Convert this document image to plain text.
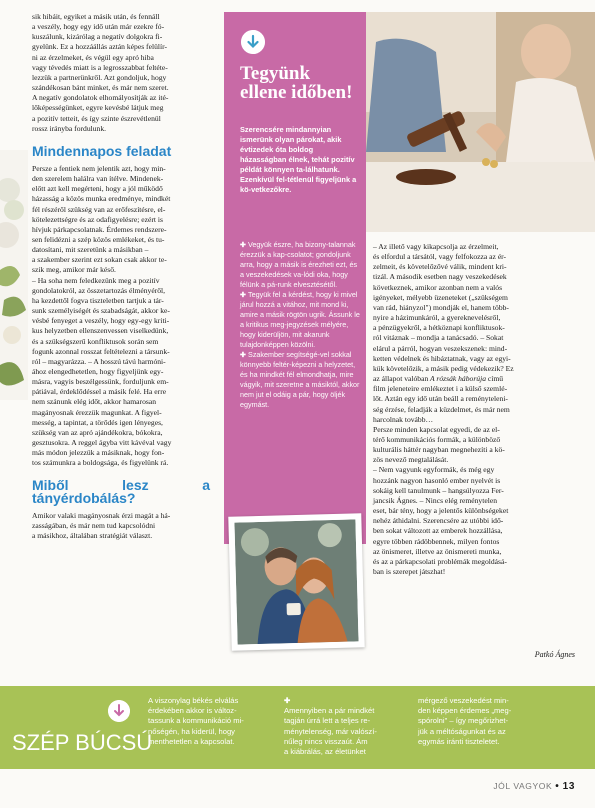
sik hibáit, egyiket a másik után, és fennáll
a veszély, hogy egy idő után már ezekre fó-
kuszálunk, kizárólag a negatív dolgokra fi-
gyelünk. Ez a hozzáállás aztán képes felülír-
ni az érzelmeket, és végül egy apró hiba
vagy tévedés miatt is a legrosszabbat feltéte-
lezzük a partnerünkről. Azt gondoljuk, hogy
szándékosan bánt minket, és már nem szeret.
A negatív gondolatok elhomályosítják az ité-
lőképességünket, egyre kevésbé látjuk meg
a pozitív tetteit, és így szinte észrevétlenül
rossz irányba fordulunk.
Mindennapos feladat
Persze a fentiek nem jelentik azt, hogy min-
den szerelem halálra van ítélve. Mindenek-
előtt azt kell megérteni, hogy a jól működő
házasság a közös munka eredménye, mindkét
fél részéről szükség van az erőfeszítésre, el-
kötelezettségre és az odafigyelésre; ezért is
hívjuk párkapcsolatnak. Érdemes rendszere-
sen felidézni a szép közös emlékeket, és tu-
datosítani, mit szeretünk a másikban –
a szakember szerint ezt sokan csak akkor te-
szik meg, amikor már késő.
– Ha soha nem feledkezünk meg a pozitív
gondolatokról, az összetartozás élményéről,
ha kezdettől fogva tiszteletben tartjuk a tár-
sunk személyiségét és szabadságát, akkor ke-
vésbé fenyeget a veszély, hogy egy-egy kriti-
kus helyzetben ellenszenvessen viselkedünk,
és a szükségszerű konfliktusok során sem
fogunk azonnal rosszat feltételezni a társunk-
ról – magyarázza. – A hosszú távú harmóni-
ához elengedhetetlen, hogy figyeljünk egy-
másra, vagyis beszélgessünk, forduljunk em-
pátiával, érdeklődéssel a másik felé. Ha erre
nem szánunk elég időt, akkor hamarosan
magányosnak érezzük magunkat. A figyel-
messég, a tapintat, a törődés igen lényeges,
szükség van az apró ajándékokra, bókokra,
gesztusokra. A reggel ágyba vitt kávéval vagy
más módon jelezzük a másiknak, hogy fon-
tos számunkra a boldogsága, és figyelünk rá.
Miből lesz a tányérdobálás?
Amikor valaki magányosnak érzi magát a há-
zasságában, és már nem tud kapcsolódni
a másikhoz, általában stratégiát választ.
Tegyünk ellene időben!
Szerencsére mindannyian ismerünk olyan párokat, akik évtizedek óta boldog házasságban élnek, tehát pozitív példát könnyen ta-lálhatunk. Ezenkívül fel-tétlenül figyeljünk a kö-vetkezőkre.

✚ Vegyük észre, ha bizony-talannak érezzük a kap-csolatot; gondoljunk arra, hogy a másik is érezheti ezt, és a veszekedések va-lódi oka, hogy félünk a pá-runk elvesztésétől.

✚ Tegyük fel a kérdést, hogy ki mivel járul hozzá a vitához, mit mond ki, amire a másik rögtön ugrik. Ássunk le a kritikus meg-jegyzések mélyére, hogy kiderüljön, mit akarunk tulajdonképpen közölni.

✚ Szakember segítségé-vel sokkal könnyebb feltér-képezni a helyzetet, és ha mindkét fél elmondhatja, mire vágyik, mit szeretne a másiktól, akkor nem jut el odáig a pár, hogy öljék egymást.

– Az illető vagy kikapcsolja az érzelmeit,
és elfordul a társától, vagy felfokozza az ér-
zelmeit, és követelőzővé válik, mindent kri-
tizál. A második esetben nagy veszekedések
következnek, amikor azonban nem a valós
igényeket, mélyebb üzeneteket („szükségem
van rád, hiányzol") mondják el, hanem több-
nyire a házimunkáról, a gyereknevelésről,
a pénzügyekről, a hétköznapi konfliktusok-
ról vitáznak – mondja a tanácsadó. – Sokat
elárul a párról, hogyan veszekszenek: mind-
ketten védelnek és hibáztatnak, vagy az egyi-
kük követelőzik, a másik pedig védekezik? Ez
az állapot valóban A rózsák háborúja című
film jeleneteire emlékeztet i a külső szemlé-
lőt. Aztán egy idő után beáll a reményteleni-
ség érzése, feladják a küzdelmet, és már nem
harcolnak tovább…
Persze minden kapcsolat egyedi, de az el-
térő kommunikációs formák, a különböző
kulturális háttér nagyban megnehezíti a kö-
zös nevező megtalálását.
– Nem vagyunk egyformák, és még egy
hozzánk nagyon hasonló ember nyelvét is
sokáig kell tanulmunk – hangsúlyozza Fer-
jancsik Ágnes. – Nincs elég reménytelen
eset, bár tény, hogy a jelentős különbségeket
nehéz áthidalni. Szerencsére az utóbbi idő-
ben sokat változott az emberek hozzállása,
egyre többen rádöbbennek, milyen fontos
az önismeret, illetve az önismereti munka,
és az a párkapcsolati problémák megoldásá-
ban is szerepet játszhat!
Patkó Ágnes
SZÉP BÚCSÚ
A viszonylag békés elválás
érdekében akkor is változ-
tassunk a kommunikáció mi-
nőségén, ha kiderül, hogy
menthetetlen a kapcsolat.
✚
Amennyiben a pár mindkét
tagján úrrá lett a teljes re-
ménytelenség, már valószí-
nűleg nincs visszaút. Ám
a kiábrálás, az életünket
mérgező veszekedést min-
den képpen érdemes „meg-
spórolni" – így megőrizhet-
jük a méltóságunkat és az
egymás iránti tiszteletet.
JÓL VAGYOK • 13
